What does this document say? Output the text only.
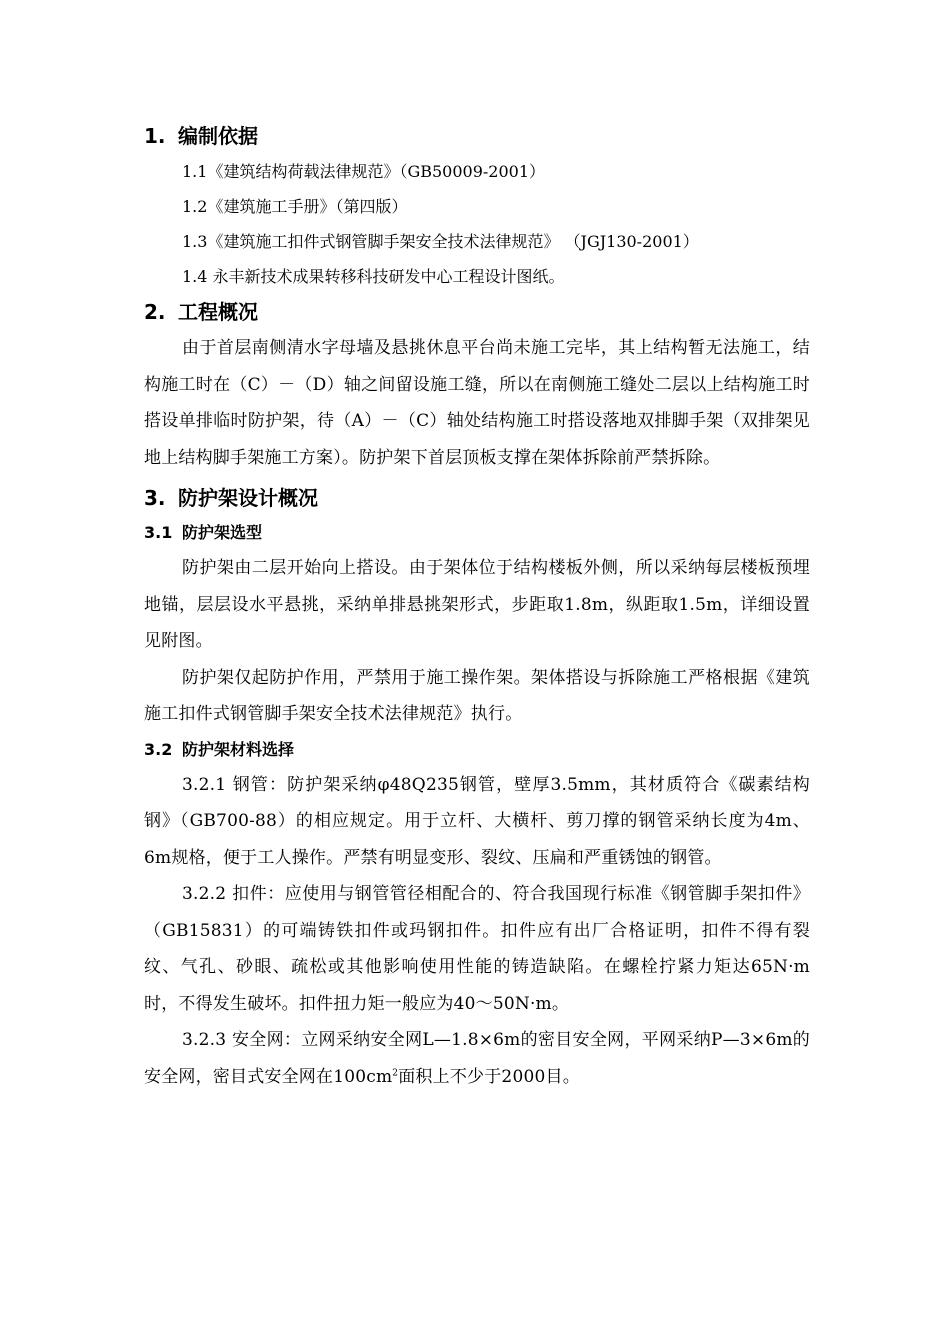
1. 编制依据

1.1《建筑结构荷载法律规范》（GB50009-2001）

1.2《建筑施工手册》（第四版）

1.3《建筑施工扣件式钢管脚手架安全技术法律规范》 （JGJ130-2001）

1.4 永丰新技术成果转移科技研发中心工程设计图纸。

2. 工程概况

由于首层南侧清水字母墙及悬挑休息平台尚未施工完毕，其上结构暂无法施工，结构施工时在（C）－（D）轴之间留设施工缝，所以在南侧施工缝处二层以上结构施工时搭设单排临时防护架，待（A）－（C）轴处结构施工时搭设落地双排脚手架（双排架见地上结构脚手架施工方案）。防护架下首层顶板支撑在架体拆除前严禁拆除。

3. 防护架设计概况
3.1 防护架选型

防护架由二层开始向上搭设。由于架体位于结构楼板外侧，所以采纳每层楼板预埋地锚，层层设水平悬挑，采纳单排悬挑架形式，步距取1.8m，纵距取1.5m，详细设置见附图。

防护架仅起防护作用，严禁用于施工操作架。架体搭设与拆除施工严格根据《建筑施工扣件式钢管脚手架安全技术法律规范》执行。

3.2 防护架材料选择

3.2.1 钢管：防护架采纳φ48Q235钢管，壁厚3.5mm，其材质符合《碳素结构钢》（GB700-88）的相应规定。用于立杆、大横杆、剪刀撑的钢管采纳长度为4m、6m规格，便于工人操作。严禁有明显变形、裂纹、压扁和严重锈蚀的钢管。

3.2.2 扣件：应使用与钢管管径相配合的、符合我国现行标准《钢管脚手架扣件》（GB15831）的可端铸铁扣件或玛钢扣件。扣件应有出厂合格证明，扣件不得有裂纹、气孔、砂眼、疏松或其他影响使用性能的铸造缺陷。在螺栓拧紧力矩达65N·m 时，不得发生破坏。扣件扭力矩一般应为40～50N·m。

3.2.3 安全网：立网采纳安全网L—1.8×6m的密目安全网，平网采纳P—3×6m的安全网，密目式安全网在$100cm^2$面积上不少于2000目。
